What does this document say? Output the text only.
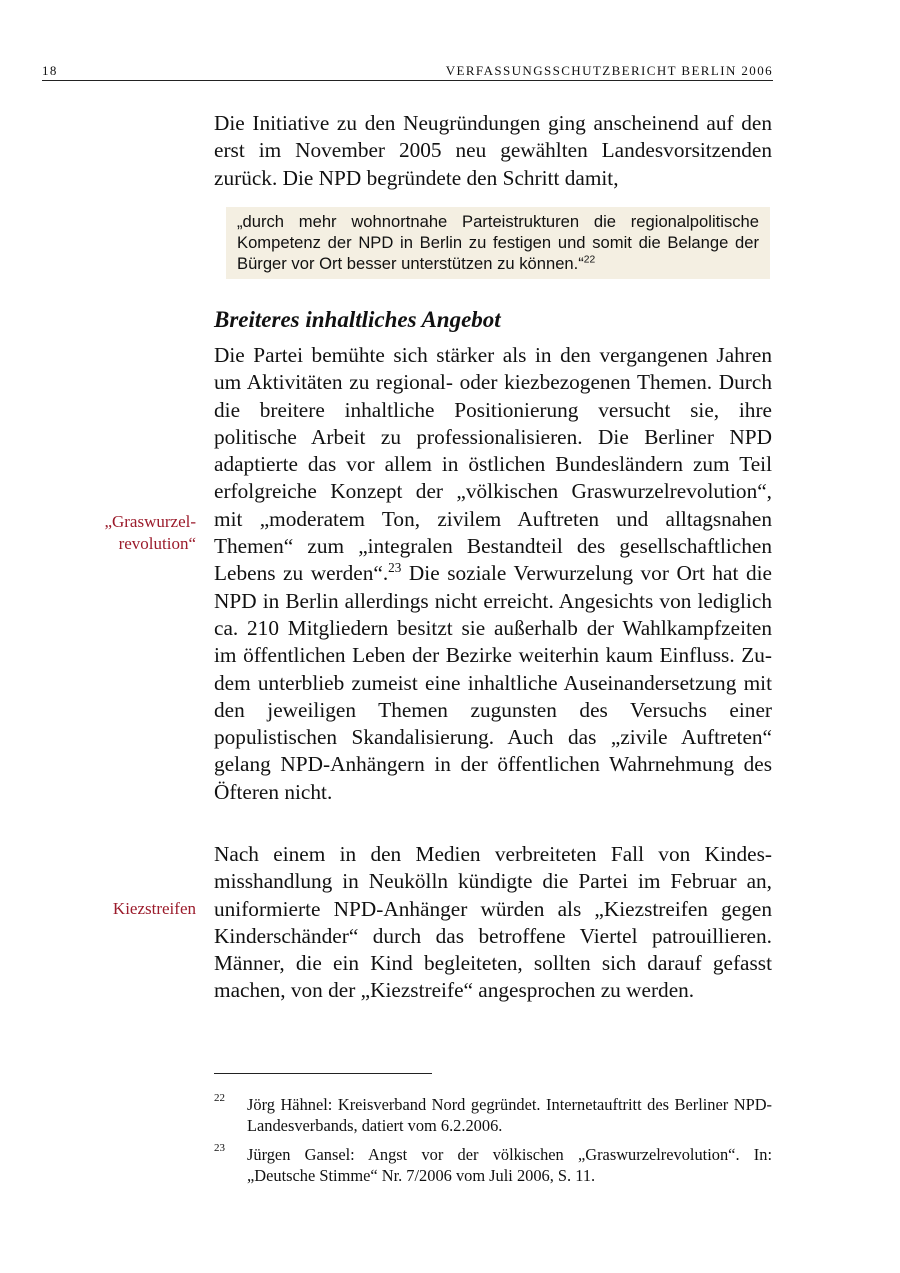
18	VERFASSUNGSSCHUTZBERICHT BERLIN 2006

Die Initiative zu den Neugründungen ging anscheinend auf den erst im November 2005 neu gewählten Landesvorsitzenden zurück. Die NPD begründete den Schritt damit,

„durch mehr wohnortnahe Parteistrukturen die regionalpolitische Kompetenz der NPD in Berlin zu festigen und somit die Belange der Bürger vor Ort besser unterstützen zu können.“$^{22}$
Breiteres inhaltliches Angebot

Die Partei bemühte sich stärker als in den vergangenen Jahren um Aktivitäten zu regional- oder kiezbezogenen Themen. Durch die breitere inhaltliche Positionierung versucht sie, ihre politische Arbeit zu professionalisieren. Die Berliner NPD adaptierte das vor allem in östlichen Bundesländern zum Teil erfolgreiche Konzept der „völkischen Graswurzelrevolution“, mit „moderatem Ton, zivilem Auftreten und alltagsnahen Themen“ zum „integralen Bestandteil des gesellschaftlichen Lebens zu werden“.$^{23}$ Die soziale Verwurzelung vor Ort hat die NPD in Berlin allerdings nicht erreicht. Angesichts von lediglich ca. 210 Mitgliedern besitzt sie außerhalb der Wahlkampfzeiten im öffentlichen Leben der Bezirke weiterhin kaum Einfluss. Zudem unterblieb zumeist eine inhaltliche Auseinandersetzung mit den jeweiligen Themen zugunsten des Versuchs einer populistischen Skandalisierung. Auch das „zivile Auftreten“ gelang NPD-Anhängern in der öffentlichen Wahrnehmung des Öfteren nicht.

Nach einem in den Medien verbreiteten Fall von Kindesmisshandlung in Neukölln kündigte die Partei im Februar an, uniformierte NPD-Anhänger würden als „Kiezstreifen gegen Kinderschänder“ durch das betroffene Viertel patrouillieren. Männer, die ein Kind begleiteten, sollten sich darauf gefasst machen, von der „Kiezstreife“ angesprochen zu werden.

„Graswurzel-
revolution“
Kiezstreifen
22 Jörg Hähnel: Kreisverband Nord gegründet. Internetauftritt des Berliner NPD-Landesverbands, datiert vom 6.2.2006.
23 Jürgen Gansel: Angst vor der völkischen „Graswurzelrevolution“. In: „Deutsche Stimme“ Nr. 7/2006 vom Juli 2006, S. 11.
